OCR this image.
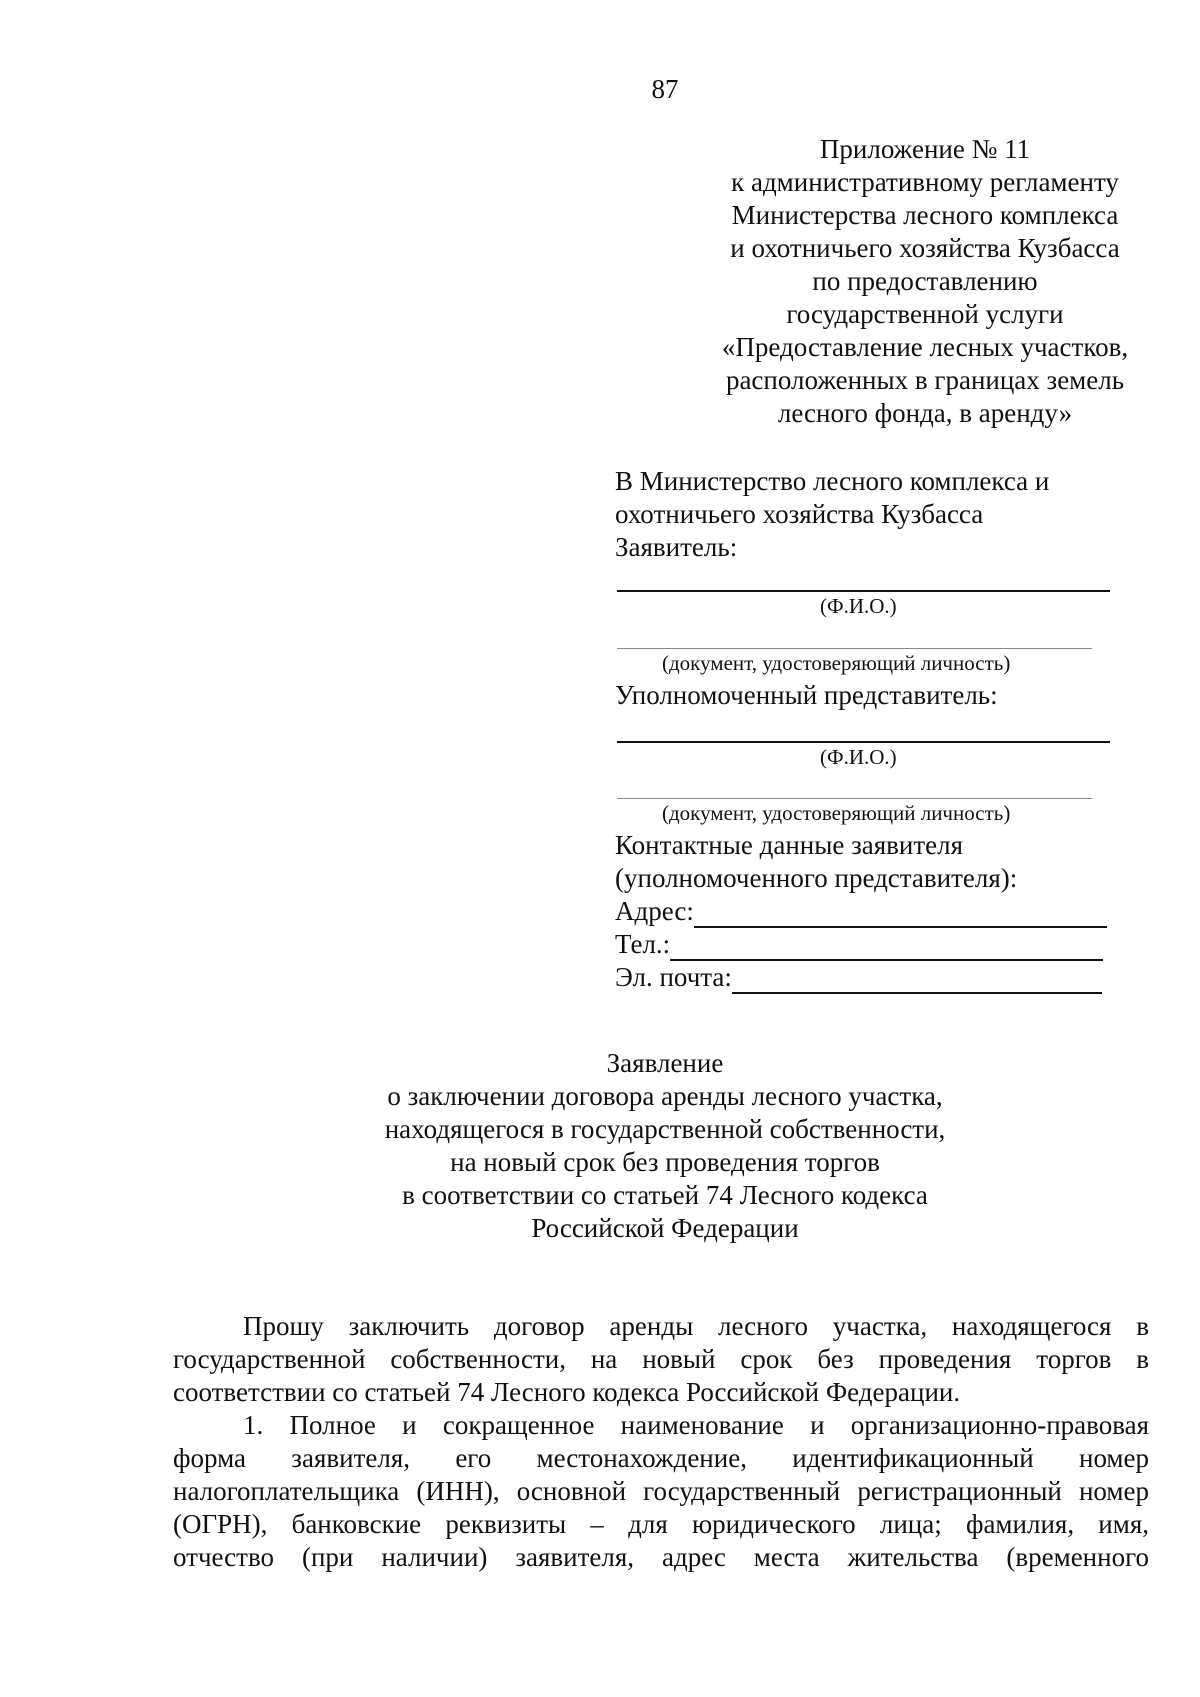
87
Приложение № 11
к административному регламенту
Министерства лесного комплекса
и охотничьего хозяйства Кузбасса
по предоставлению
государственной услуги
«Предоставление лесных участков,
расположенных в границах земель
лесного фонда, в аренду»
В Министерство лесного комплекса и
охотничьего хозяйства Кузбасса
Заявитель:
(Ф.И.О.)
(документ, удостоверяющий личность)
Уполномоченный представитель:
(Ф.И.О.)
(документ, удостоверяющий личность)
Контактные данные заявителя
(уполномоченного представителя):
Адрес:
Тел.:
Эл. почта:
Заявление
о заключении договора аренды лесного участка,
находящегося в государственной собственности,
на новый срок без проведения торгов
в соответствии со статьей 74 Лесного кодекса
Российской Федерации
Прошу заключить договор аренды лесного участка, находящегося в
государственной собственности, на новый срок без проведения торгов в
соответствии со статьей 74 Лесного кодекса Российской Федерации.
1. Полное и сокращенное наименование и организационно-правовая
форма заявителя, его местонахождение, идентификационный номер
налогоплательщика (ИНН), основной государственный регистрационный номер
(ОГРН), банковские реквизиты – для юридического лица; фамилия, имя,
отчество (при наличии) заявителя, адрес места жительства (временного
